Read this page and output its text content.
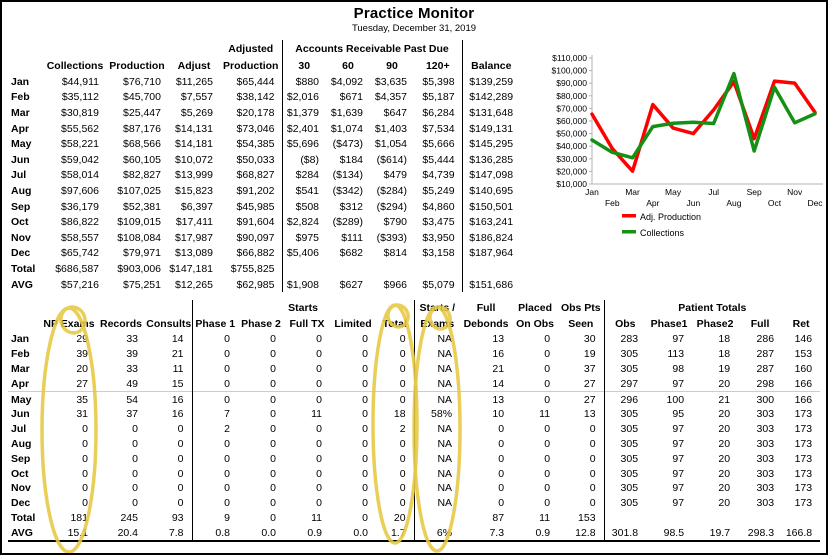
Practice Monitor
Tuesday, December 31, 2019
				Adjusted	Accounts Receivable Past Due				
	Collections	Production	Adjust	Production	30	60	90	120+	Balance
Jan	$44,911	$76,710	$11,265	$65,444	$880	$4,092	$3,635	$5,398	$139,259
Feb	$35,112	$45,700	$7,557	$38,142	$2,016	$671	$4,357	$5,187	$142,289
Mar	$30,819	$25,447	$5,269	$20,178	$1,379	$1,639	$647	$6,284	$131,648
Apr	$55,562	$87,176	$14,131	$73,046	$2,401	$1,074	$1,403	$7,534	$149,131
May	$58,221	$68,566	$14,181	$54,385	$5,696	($473)	$1,054	$5,666	$145,295
Jun	$59,042	$60,105	$10,072	$50,033	($8)	$184	($614)	$5,444	$136,285
Jul	$58,014	$82,827	$13,999	$68,827	$284	($134)	$479	$4,739	$147,098
Aug	$97,606	$107,025	$15,823	$91,202	$541	($342)	($284)	$5,249	$140,695
Sep	$36,179	$52,381	$6,397	$45,985	$508	$312	($294)	$4,860	$150,501
Oct	$86,822	$109,015	$17,411	$91,604	$2,824	($289)	$790	$3,475	$163,241
Nov	$58,557	$108,084	$17,987	$90,097	$975	$111	($393)	$3,950	$186,824
Dec	$65,742	$79,971	$13,089	$66,882	$5,406	$682	$814	$3,158	$187,964
Total	$686,587	$903,006	$147,181	$755,825					
AVG	$57,216	$75,251	$12,265	$62,985	$1,908	$627	$966	$5,079	$151,686
$10,000
$20,000
$30,000
$40,000
$50,000
$60,000
$70,000
$80,000
$90,000
$100,000
$110,000
Jan
Feb
Mar
Apr
May
Jun
Jul
Aug
Sep
Oct
Nov
Dec
Adj. Production
Collections
				Starts					Starts /	Full	Placed	Obs Pts	Patient Totals				
	NP Exams	Records	Consults	Phase 1	Phase 2	Full TX	Limited	Total	Exams	Debonds	On Obs	Seen	Obs	Phase1	Phase2	Full	Ret
Jan	29	33	14	0	0	0	0	0	NA	13	0	30	283	97	18	286	146
Feb	39	39	21	0	0	0	0	0	NA	16	0	19	305	113	18	287	153
Mar	20	33	11	0	0	0	0	0	NA	21	0	37	305	98	19	287	160
Apr	27	49	15	0	0	0	0	0	NA	14	0	27	297	97	20	298	166
May	35	54	16	0	0	0	0	0	NA	13	0	27	296	100	21	300	166
Jun	31	37	16	7	0	11	0	18	58%	10	11	13	305	95	20	303	173
Jul	0	0	0	2	0	0	0	2	NA	0	0	0	305	97	20	303	173
Aug	0	0	0	0	0	0	0	0	NA	0	0	0	305	97	20	303	173
Sep	0	0	0	0	0	0	0	0	NA	0	0	0	305	97	20	303	173
Oct	0	0	0	0	0	0	0	0	NA	0	0	0	305	97	20	303	173
Nov	0	0	0	0	0	0	0	0	NA	0	0	0	305	97	20	303	173
Dec	0	0	0	0	0	0	0	0	NA	0	0	0	305	97	20	303	173
Total	181	245	93	9	0	11	0	20		87	11	153					
AVG	15.1	20.4	7.8	0.8	0.0	0.9	0.0	1.7	6%	7.3	0.9	12.8	301.8	98.5	19.7	298.3	166.8
